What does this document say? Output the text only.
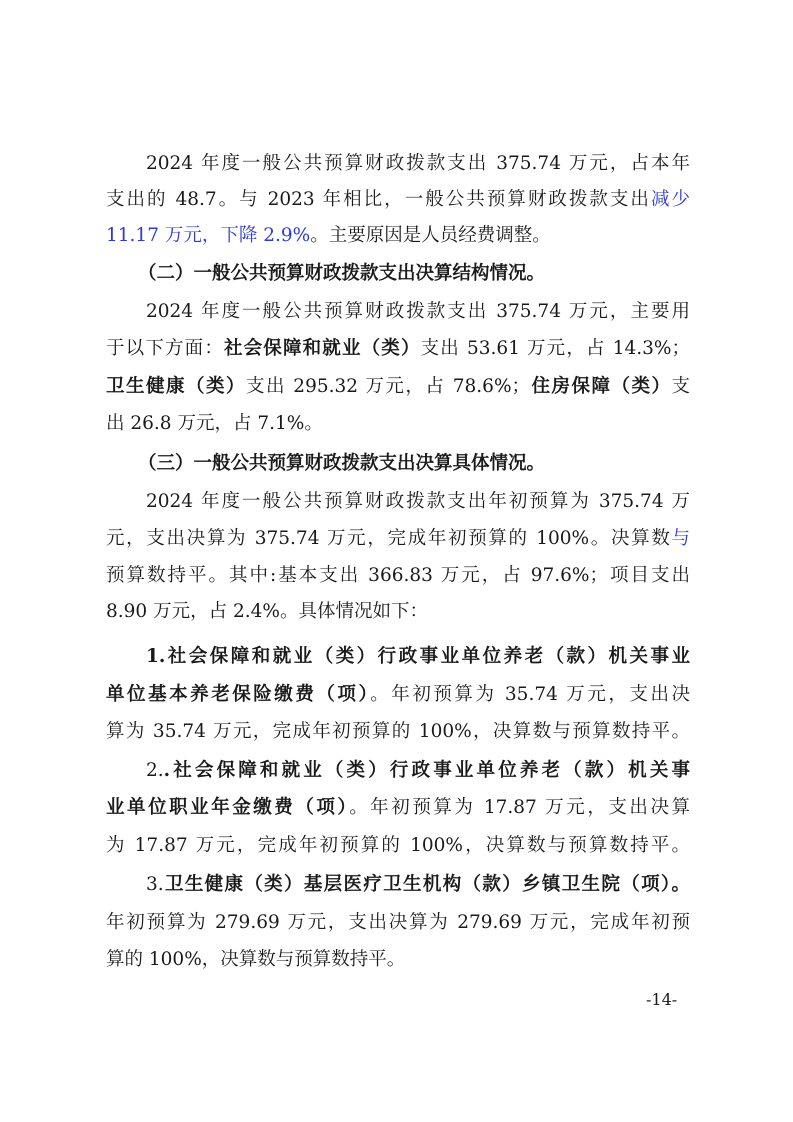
2024 年度一般公共预算财政拨款支出 375.74 万元，占本年
支出的 48.7。与 2023 年相比，一般公共预算财政拨款支出减少
11.17 万元，下降 2.9%。主要原因是人员经费调整。
（二）一般公共预算财政拨款支出决算结构情况。
2024 年度一般公共预算财政拨款支出 375.74 万元，主要用
于以下方面：社会保障和就业（类）支出 53.61 万元，占 14.3%；
卫生健康（类）支出 295.32 万元，占 78.6%；住房保障（类）支
出 26.8 万元，占 7.1%。
（三）一般公共预算财政拨款支出决算具体情况。
2024 年度一般公共预算财政拨款支出年初预算为 375.74 万
元，支出决算为 375.74 万元，完成年初预算的 100%。决算数与
预算数持平。其中:基本支出 366.83 万元，占 97.6%；项目支出
8.90 万元，占 2.4%。具体情况如下：
1.社会保障和就业（类）行政事业单位养老（款）机关事业
单位基本养老保险缴费（项）。年初预算为 35.74 万元，支出决
算为 35.74 万元，完成年初预算的 100%，决算数与预算数持平。
2..社会保障和就业（类）行政事业单位养老（款）机关事
业单位职业年金缴费（项）。年初预算为 17.87 万元，支出决算
为 17.87 万元，完成年初预算的 100%，决算数与预算数持平。
3.卫生健康（类）基层医疗卫生机构（款）乡镇卫生院（项）。
年初预算为 279.69 万元，支出决算为 279.69 万元，完成年初预
算的 100%，决算数与预算数持平。
-14-
